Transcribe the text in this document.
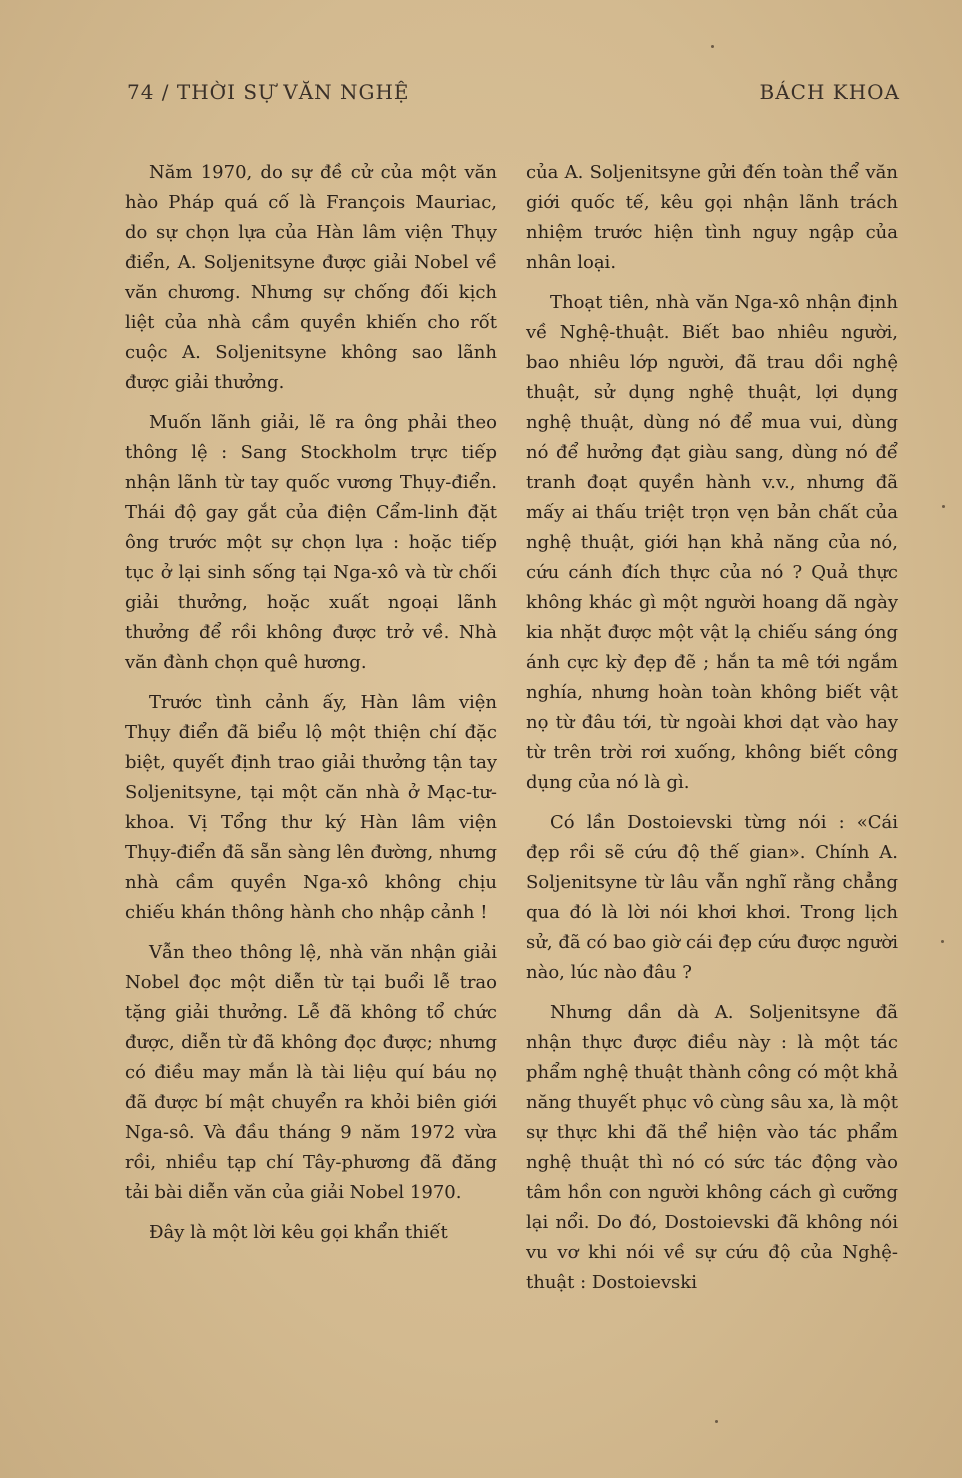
74 / THỜI SỰ VĂN NGHỆ	BÁCH KHOA

Năm 1970, do sự đề cử của một văn hào Pháp quá cố là François Mauriac, do sự chọn lựa của Hàn lâm viện Thụy điển, A. Soljenitsyne được giải Nobel về văn chương. Nhưng sự chống đối kịch liệt của nhà cầm quyền khiến cho rốt cuộc A. Soljenitsyne không sao lãnh được giải thưởng.

Muốn lãnh giải, lẽ ra ông phải theo thông lệ : Sang Stockholm trực tiếp nhận lãnh từ tay quốc vương Thụy-điển. Thái độ gay gắt của điện Cẩm-linh đặt ông trước một sự chọn lựa : hoặc tiếp tục ở lại sinh sống tại Nga-xô và từ chối giải thưởng, hoặc xuất ngoại lãnh thưởng để rồi không được trở về. Nhà văn đành chọn quê hương.

Trước tình cảnh ấy, Hàn lâm viện Thụy điển đã biểu lộ một thiện chí đặc biệt, quyết định trao giải thưởng tận tay Soljenitsyne, tại một căn nhà ở Mạc-tư-khoa. Vị Tổng thư ký Hàn lâm viện Thụy-điển đã sẵn sàng lên đường, nhưng nhà cầm quyền Nga-xô không chịu chiếu khán thông hành cho nhập cảnh !

Vẫn theo thông lệ, nhà văn nhận giải Nobel đọc một diễn từ tại buổi lễ trao tặng giải thưởng. Lễ đã không tổ chức được, diễn từ đã không đọc được; nhưng có điều may mắn là tài liệu quí báu nọ đã được bí mật chuyển ra khỏi biên giới Nga-sô. Và đầu tháng 9 năm 1972 vừa rồi, nhiều tạp chí Tây-phương đã đăng tải bài diễn văn của giải Nobel 1970.

Đây là một lời kêu gọi khẩn thiết

của A. Soljenitsyne gửi đến toàn thể văn giới quốc tế, kêu gọi nhận lãnh trách nhiệm trước hiện tình nguy ngập của nhân loại.

Thoạt tiên, nhà văn Nga-xô nhận định về Nghệ-thuật. Biết bao nhiêu người, bao nhiêu lớp người, đã trau dồi nghệ thuật, sử dụng nghệ thuật, lợi dụng nghệ thuật, dùng nó để mua vui, dùng nó để hưởng đạt giàu sang, dùng nó để tranh đoạt quyền hành v.v., nhưng đã mấy ai thấu triệt trọn vẹn bản chất của nghệ thuật, giới hạn khả năng của nó, cứu cánh đích thực của nó ? Quả thực không khác gì một người hoang dã ngày kia nhặt được một vật lạ chiếu sáng óng ánh cực kỳ đẹp đẽ ; hắn ta mê tới ngắm nghía, nhưng hoàn toàn không biết vật nọ từ đâu tới, từ ngoài khơi dạt vào hay từ trên trời rơi xuống, không biết công dụng của nó là gì.

Có lần Dostoievski từng nói : «Cái đẹp rồi sẽ cứu độ thế gian». Chính A. Soljenitsyne từ lâu vẫn nghĩ rằng chẳng qua đó là lời nói khơi khơi. Trong lịch sử, đã có bao giờ cái đẹp cứu được người nào, lúc nào đâu ?

Nhưng dần dà A. Soljenitsyne đã nhận thực được điều này : là một tác phẩm nghệ thuật thành công có một khả năng thuyết phục vô cùng sâu xa, là một sự thực khi đã thể hiện vào tác phẩm nghệ thuật thì nó có sức tác động vào tâm hồn con người không cách gì cưỡng lại nổi. Do đó, Dostoievski đã không nói vu vơ khi nói về sự cứu độ của Nghệ-thuật : Dostoievski
